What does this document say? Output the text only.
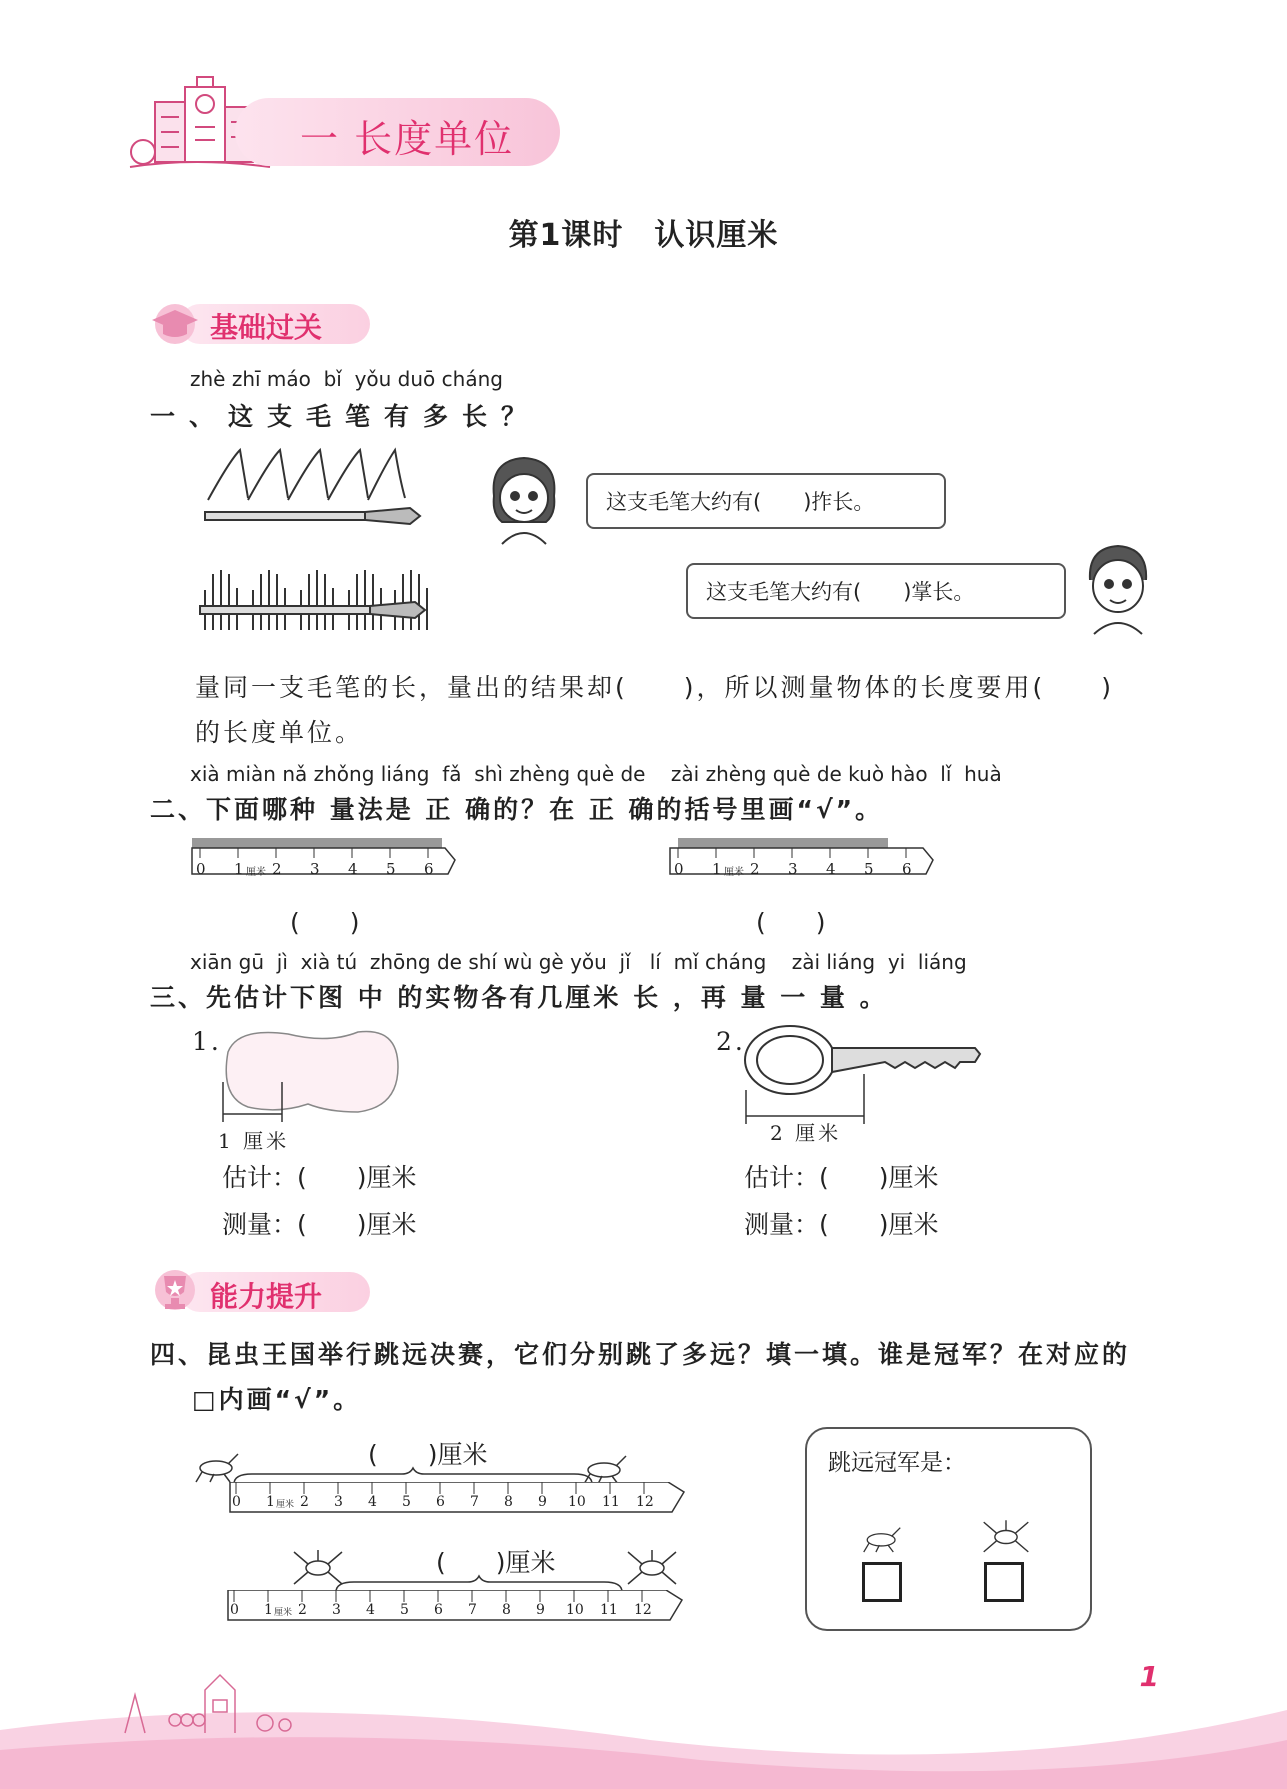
一 长度单位
第1课时　认识厘米
基础过关
zhè zhī máo  bǐ  yǒu duō cháng
一、这支毛笔有多长？
这支毛笔大约有(　　)拃长。
这支毛笔大约有(　　)掌长。
量同一支毛笔的长，量出的结果却(　　)，所以测量物体的长度要用(　　)
的长度单位。
xià miàn nǎ zhǒng liáng  fǎ  shì zhèng què de    zài zhèng què de kuò hào  lǐ  huà
二、下面哪种 量法是 正 确的？在 正 确的括号里画“√”。
0 1 厘米 2 3 4 5 6	0 1 厘米 2 3 4 5 6
(　　)	(　　)
xiān gū  jì  xià tú  zhōng de shí wù gè yǒu  jǐ   lí  mǐ cháng    zài liáng  yi  liáng
三、先估计下图 中 的实物各有几厘米 长 ，再 量 一 量 。
1.
1 厘米
2.
2 厘米
估计：(　　)厘米
测量：(　　)厘米
估计：(　　)厘米
测量：(　　)厘米
能力提升
四、昆虫王国举行跳远决赛，它们分别跳了多远？填一填。谁是冠军？在对应的
□内画“√”。
(　　)厘米
0 1 厘米 2 3 4 5 6 7 8 9 10 11 12
(　　)厘米
0 1 厘米 2 3 4 5 6 7 8 9 10 11 12
跳远冠军是：
1
